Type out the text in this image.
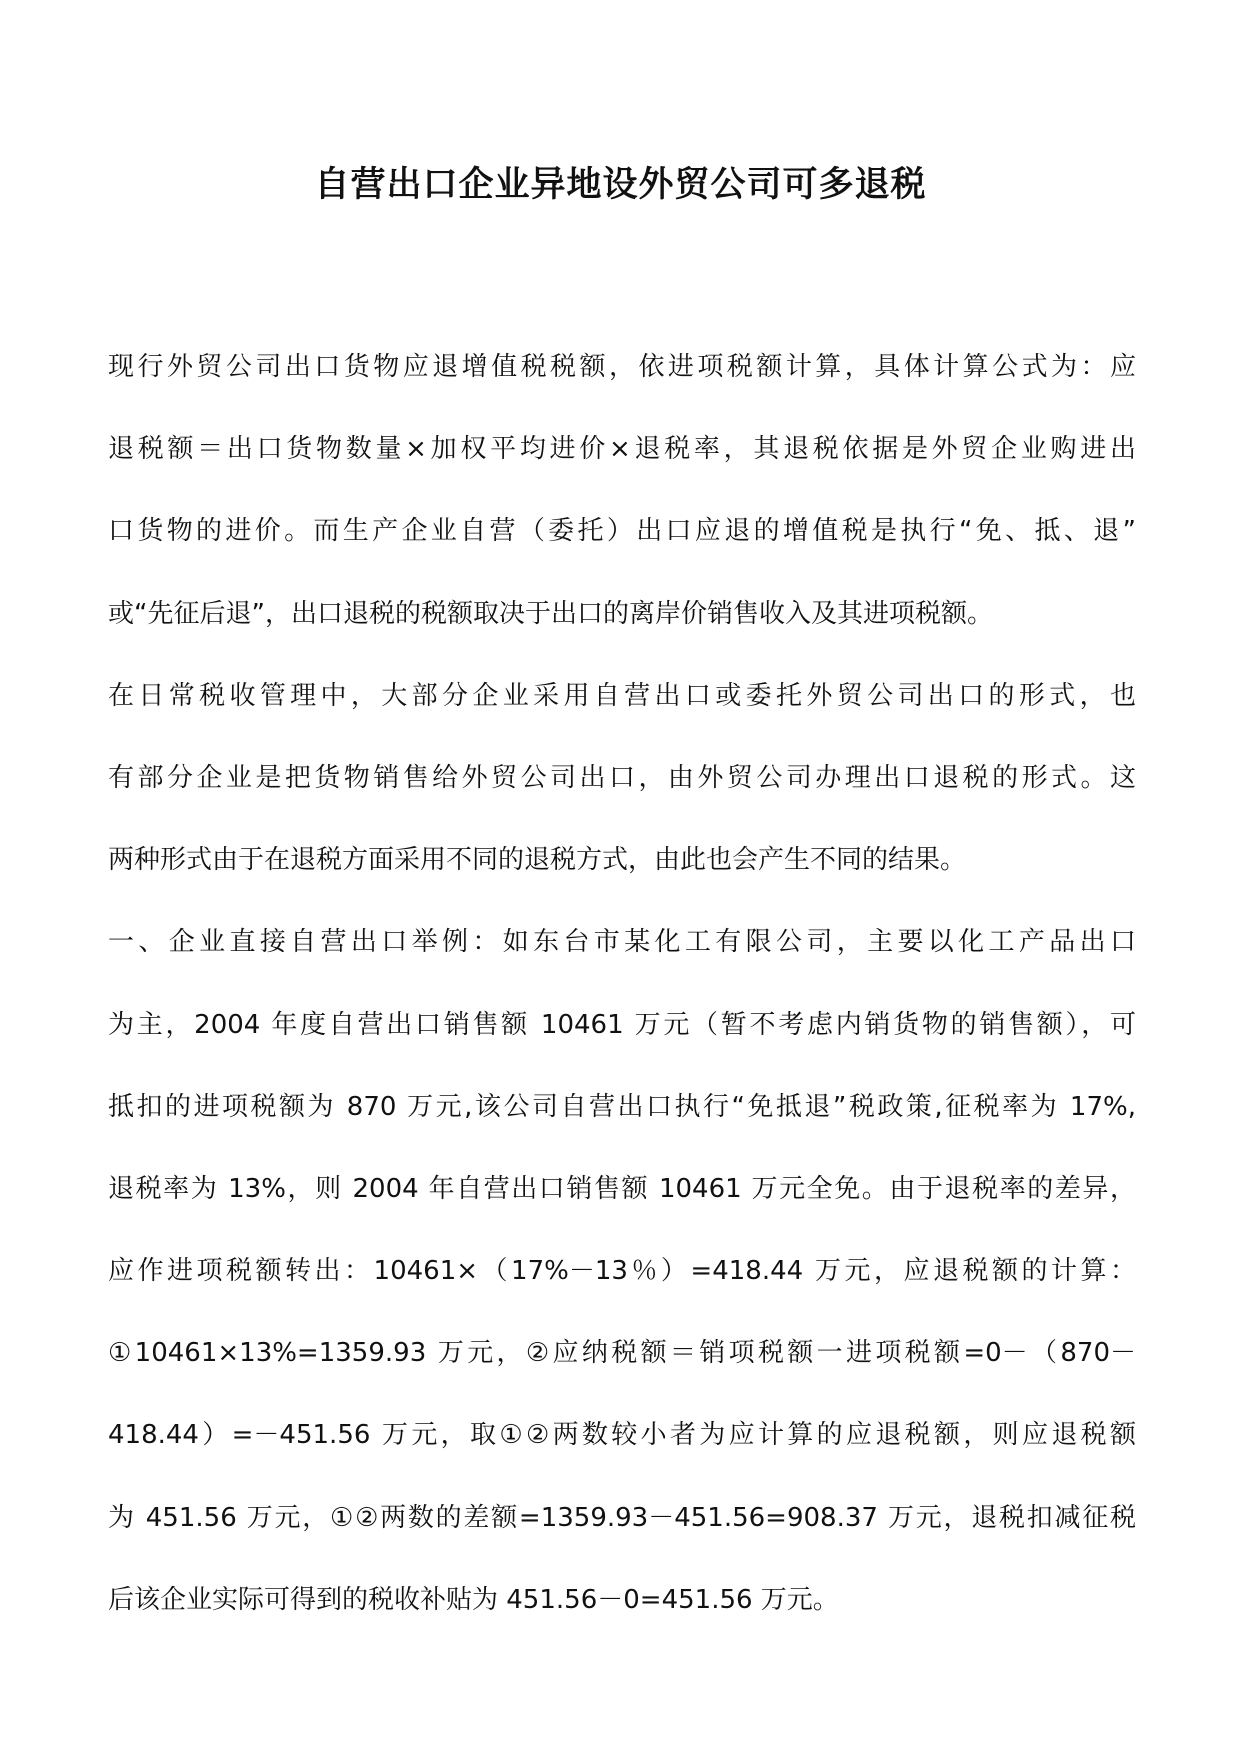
自营出口企业异地设外贸公司可多退税
现行外贸公司出口货物应退增值税税额，依进项税额计算，具体计算公式为：应
退税额＝出口货物数量×加权平均进价×退税率，其退税依据是外贸企业购进出
口货物的进价。而生产企业自营（委托）出口应退的增值税是执行“免、抵、退”
或“先征后退”，出口退税的税额取决于出口的离岸价销售收入及其进项税额。
在日常税收管理中，大部分企业采用自营出口或委托外贸公司出口的形式，也
有部分企业是把货物销售给外贸公司出口，由外贸公司办理出口退税的形式。这
两种形式由于在退税方面采用不同的退税方式，由此也会产生不同的结果。
一、企业直接自营出口举例：如东台市某化工有限公司，主要以化工产品出口
为主，2004 年度自营出口销售额 10461 万元（暂不考虑内销货物的销售额），可
抵扣的进项税额为 870 万元,该公司自营出口执行“免抵退”税政策,征税率为 17%,
退税率为 13%，则 2004 年自营出口销售额 10461 万元全免。由于退税率的差异，
应作进项税额转出：10461×（17%－13％）=418.44 万元，应退税额的计算：
①10461×13%=1359.93 万元，②应纳税额＝销项税额一进项税额=0－（870－
418.44）=－451.56 万元，取①②两数较小者为应计算的应退税额，则应退税额
为 451.56 万元，①②两数的差额=1359.93－451.56=908.37 万元，退税扣减征税
后该企业实际可得到的税收补贴为 451.56－0=451.56 万元。
